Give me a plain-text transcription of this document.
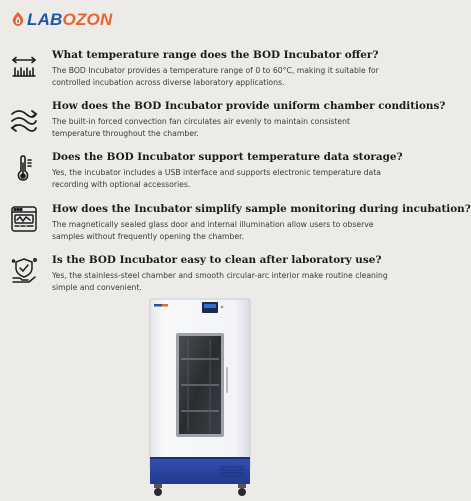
LAB OZON
What temperature range does the BOD Incubator offer?
The BOD Incubator provides a temperature range of 0 to 60°C, making it suitable for controlled incubation across diverse laboratory applications.
How does the BOD Incubator provide uniform chamber conditions?
The built-in forced convection fan circulates air evenly to maintain consistent temperature throughout the chamber.
Does the BOD Incubator support temperature data storage?
Yes, the incubator includes a USB interface and supports electronic temperature data recording with optional accessories.
How does the Incubator simplify sample monitoring during incubation?
The magnetically sealed glass door and internal illumination allow users to observe samples without frequently opening the chamber.
Is the BOD Incubator easy to clean after laboratory use?
Yes, the stainless-steel chamber and smooth circular-arc interior make routine cleaning simple and convenient.
